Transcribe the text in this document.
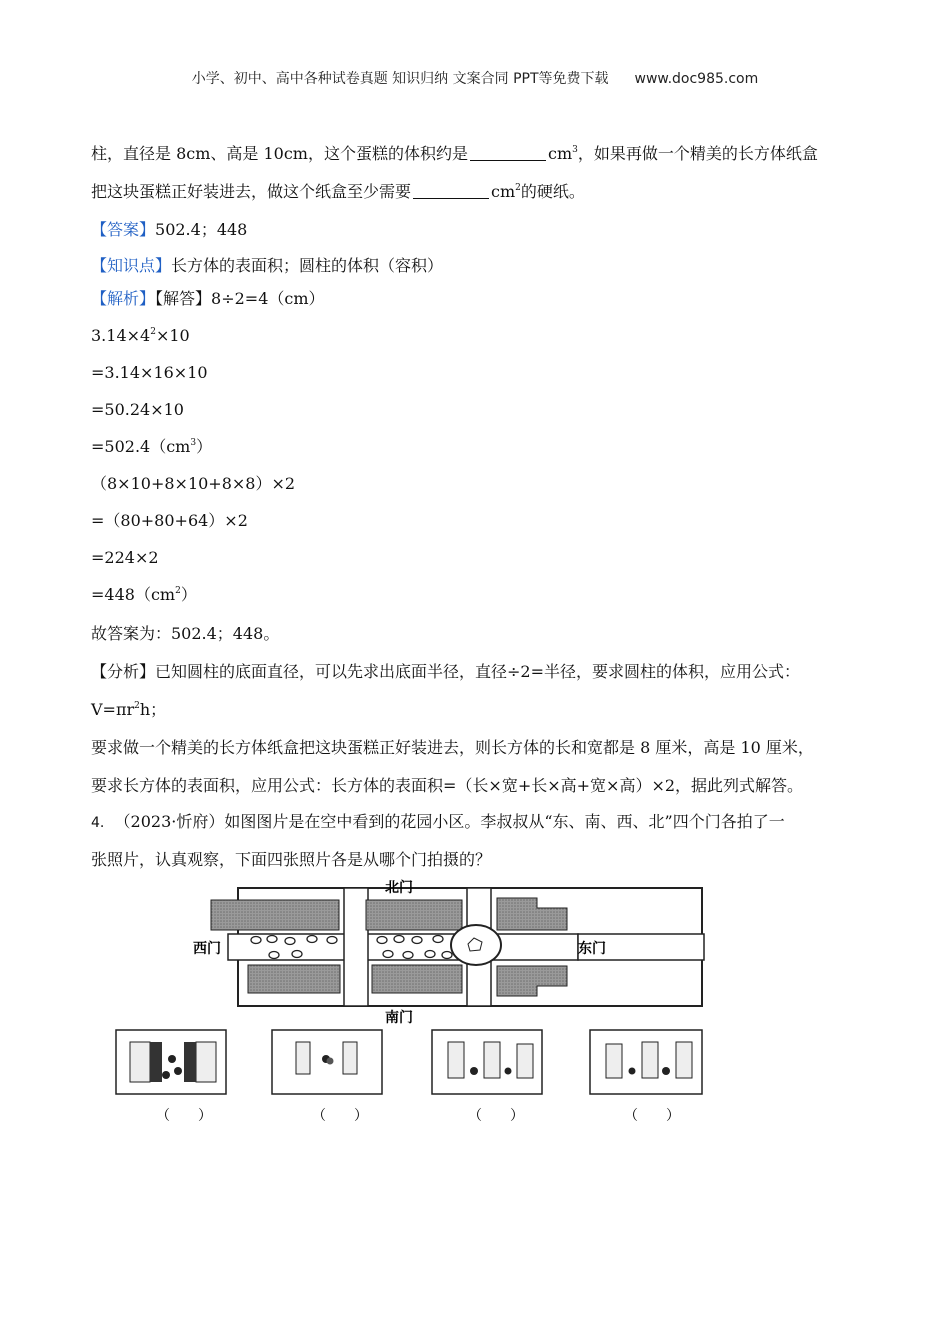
小学、初中、高中各种试卷真题 知识归纳 文案合同 PPT等免费下载 www.doc985.com
柱，直径是 8cm、高是 10cm，这个蛋糕的体积约是	$cm^3$，如果再做一个精美的长方体纸盒
把这块蛋糕正好装进去，做这个纸盒至少需要	$cm^2$的硬纸。
【答案】502.4；448
【知识点】长方体的表面积；圆柱的体积（容积）
【解析】【解答】8÷2=4（cm）
$3.14\times 4^2\times 10$
=3.14×16×10
=50.24×10
$=502.4(cm^3)$
（8×10+8×10+8×8）×2
=（80+80+64）×2
=224×2
$=448(cm^2)$
故答案为：502.4；448。
【分析】已知圆柱的底面直径，可以先求出底面半径，直径÷2=半径，要求圆柱的体积，应用公式：
$V=\pi r^2h$；
要求做一个精美的长方体纸盒把这块蛋糕正好装进去，则长方体的长和宽都是 8 厘米，高是 10 厘米，
要求长方体的表面积，应用公式：长方体的表面积=（长×宽+长×高+宽×高）×2，据此列式解答。
4. （2023·忻府）如图图片是在空中看到的花园小区。李叔叔从“东、南、西、北”四个门各拍了一
张照片，认真观察，下面四张照片各是从哪个门拍摄的？
北门
南门
西门	东门
（　　）	（　　）	（　　）	（　　）
